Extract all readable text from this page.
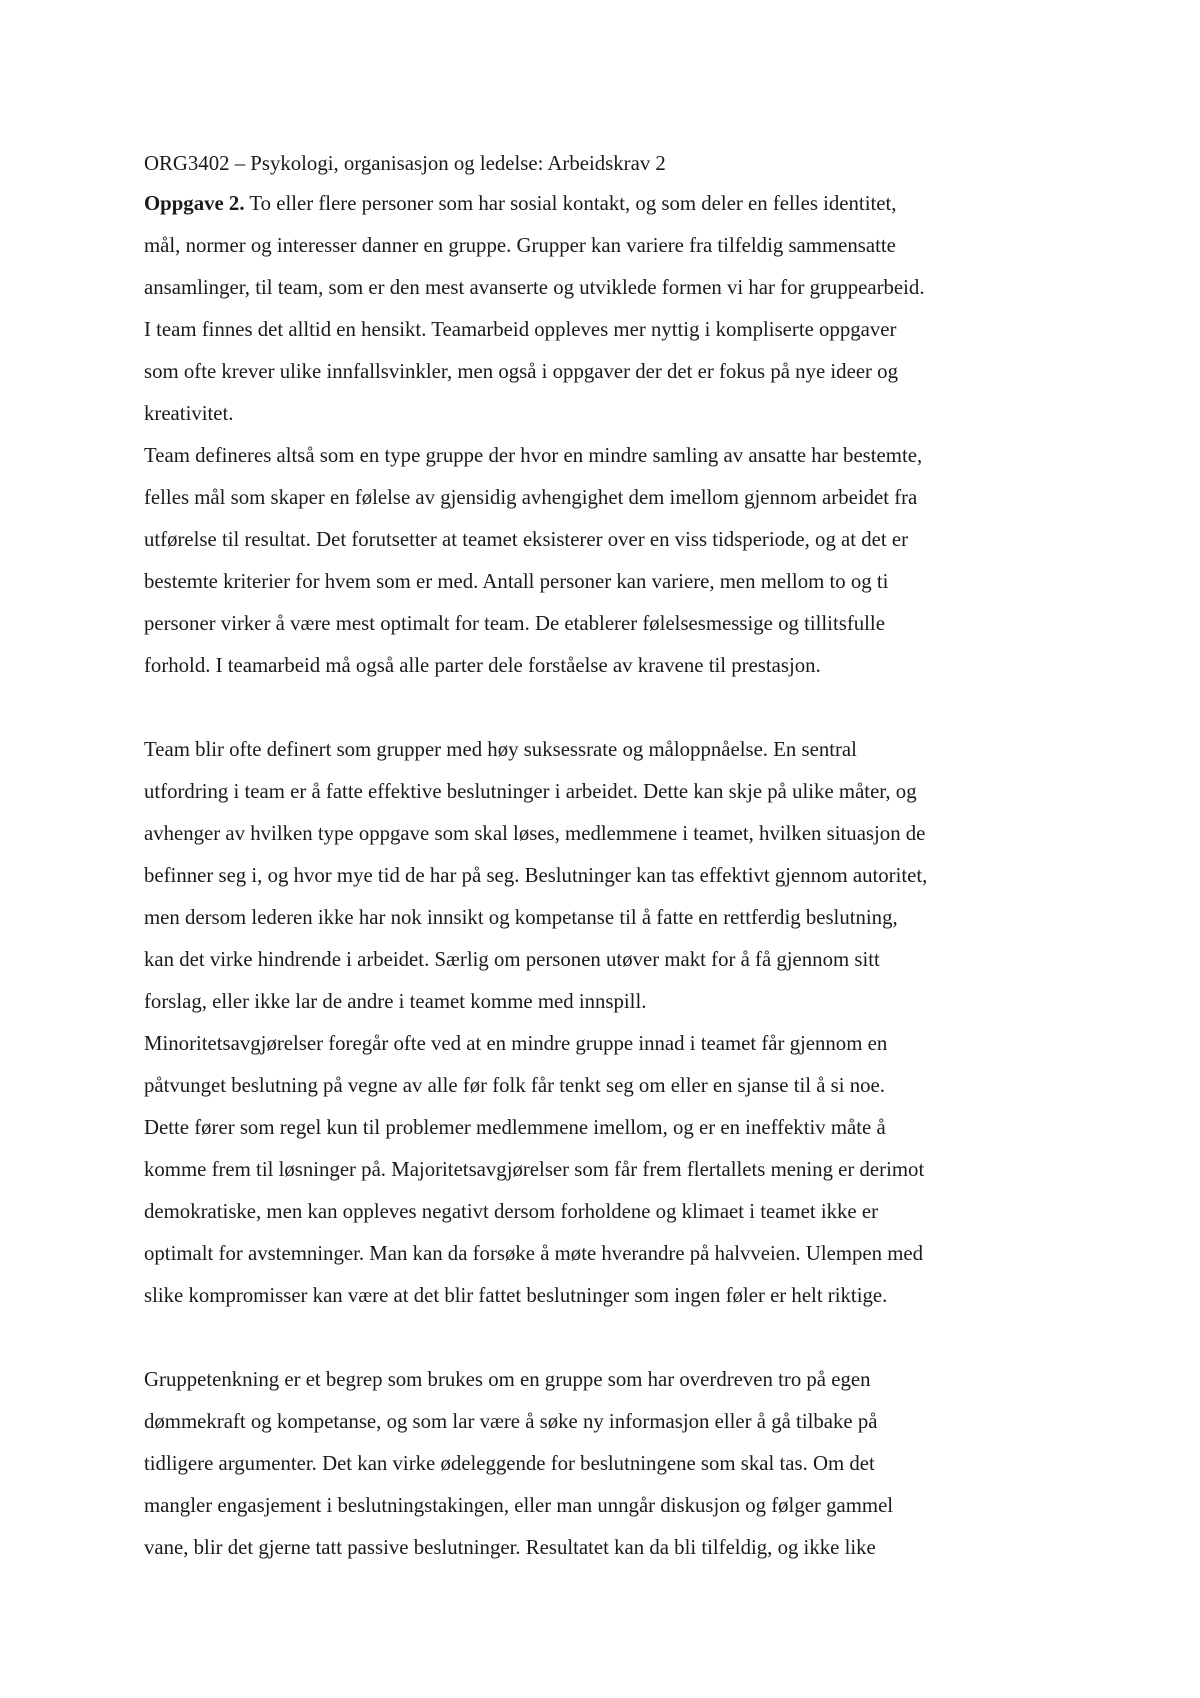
ORG3402 – Psykologi, organisasjon og ledelse: Arbeidskrav 2
Oppgave 2. To eller flere personer som har sosial kontakt, og som deler en felles identitet,
mål, normer og interesser danner en gruppe. Grupper kan variere fra tilfeldig sammensatte
ansamlinger, til team, som er den mest avanserte og utviklede formen vi har for gruppearbeid.
I team finnes det alltid en hensikt. Teamarbeid oppleves mer nyttig i kompliserte oppgaver
som ofte krever ulike innfallsvinkler, men også i oppgaver der det er fokus på nye ideer og
kreativitet.
Team defineres altså som en type gruppe der hvor en mindre samling av ansatte har bestemte,
felles mål som skaper en følelse av gjensidig avhengighet dem imellom gjennom arbeidet fra
utførelse til resultat. Det forutsetter at teamet eksisterer over en viss tidsperiode, og at det er
bestemte kriterier for hvem som er med. Antall personer kan variere, men mellom to og ti
personer virker å være mest optimalt for team. De etablerer følelsesmessige og tillitsfulle
forhold. I teamarbeid må også alle parter dele forståelse av kravene til prestasjon.
Team blir ofte definert som grupper med høy suksessrate og måloppnåelse. En sentral
utfordring i team er å fatte effektive beslutninger i arbeidet. Dette kan skje på ulike måter, og
avhenger av hvilken type oppgave som skal løses, medlemmene i teamet, hvilken situasjon de
befinner seg i, og hvor mye tid de har på seg. Beslutninger kan tas effektivt gjennom autoritet,
men dersom lederen ikke har nok innsikt og kompetanse til å fatte en rettferdig beslutning,
kan det virke hindrende i arbeidet. Særlig om personen utøver makt for å få gjennom sitt
forslag, eller ikke lar de andre i teamet komme med innspill.
Minoritetsavgjørelser foregår ofte ved at en mindre gruppe innad i teamet får gjennom en
påtvunget beslutning på vegne av alle før folk får tenkt seg om eller en sjanse til å si noe.
Dette fører som regel kun til problemer medlemmene imellom, og er en ineffektiv måte å
komme frem til løsninger på. Majoritetsavgjørelser som får frem flertallets mening er derimot
demokratiske, men kan oppleves negativt dersom forholdene og klimaet i teamet ikke er
optimalt for avstemninger. Man kan da forsøke å møte hverandre på halvveien. Ulempen med
slike kompromisser kan være at det blir fattet beslutninger som ingen føler er helt riktige.
Gruppetenkning er et begrep som brukes om en gruppe som har overdreven tro på egen
dømmekraft og kompetanse, og som lar være å søke ny informasjon eller å gå tilbake på
tidligere argumenter. Det kan virke ødeleggende for beslutningene som skal tas. Om det
mangler engasjement i beslutningstakingen, eller man unngår diskusjon og følger gammel
vane, blir det gjerne tatt passive beslutninger. Resultatet kan da bli tilfeldig, og ikke like
